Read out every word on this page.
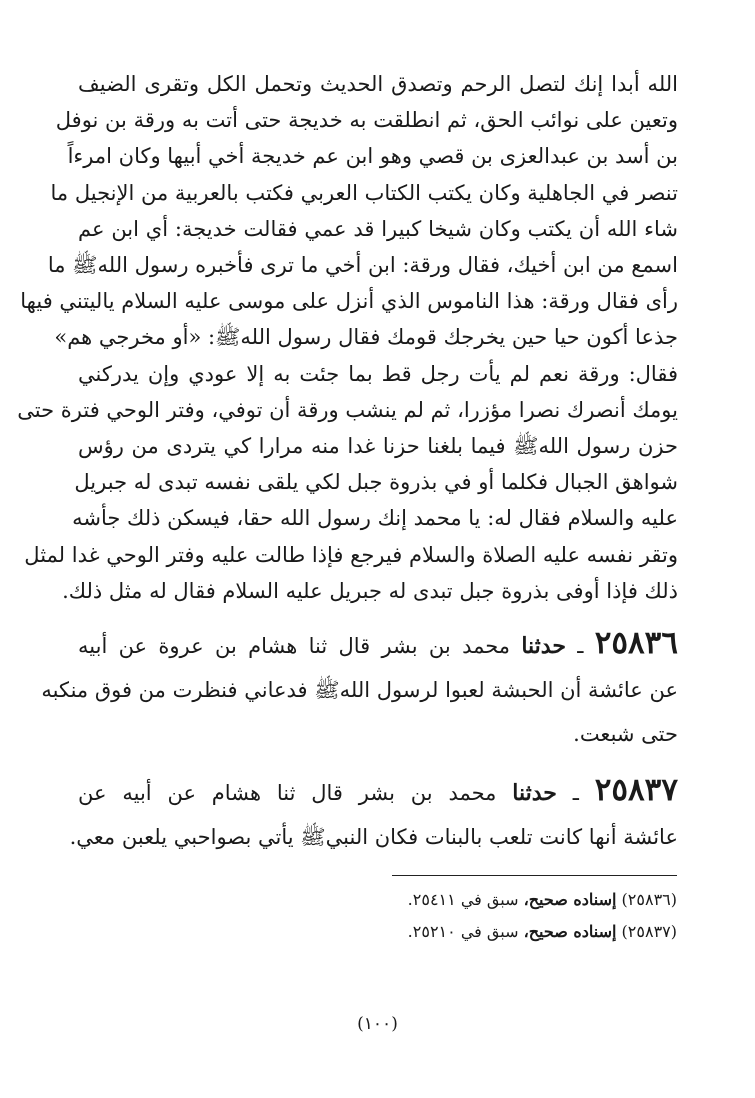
الله أبدا إنك لتصل الرحم وتصدق الحديث وتحمل الكل وتقرى الضيف
وتعين على نوائب الحق، ثم انطلقت به خديجة حتى أتت به ورقة بن نوفل
بن أسد بن عبدالعزى بن قصي وهو ابن عم خديجة أخي أبيها وكان امرءاً
تنصر في الجاهلية وكان يكتب الكتاب العربي فكتب بالعربية من الإنجيل ما
شاء الله أن يكتب وكان شيخا كبيرا قد عمي فقالت خديجة: أي ابن عم
اسمع من ابن أخيك، فقال ورقة: ابن أخي ما ترى فأخبره رسول اللهﷺ ما
رأى فقال ورقة: هذا الناموس الذي أنزل على موسى عليه السلام ياليتني فيها
جذعا أكون حيا حين يخرجك قومك فقال رسول اللهﷺ: «أو مخرجي هم»
فقال: ورقة نعم لم يأت رجل قط بما جئت به إلا عودي وإن يدركني
يومك أنصرك نصرا مؤزرا، ثم لم ينشب ورقة أن توفي، وفتر الوحي فترة حتى
حزن رسول اللهﷺ فيما بلغنا حزنا غدا منه مرارا كي يتردى من رؤس
شواهق الجبال فكلما أو في بذروة جبل لكي يلقى نفسه تبدى له جبريل
عليه والسلام فقال له: يا محمد إنك رسول الله حقا، فيسكن ذلك جأشه
وتقر نفسه عليه الصلاة والسلام فيرجع فإذا طالت عليه وفتر الوحي غدا لمثل
ذلك فإذا أوفى بذروة جبل تبدى له جبريل عليه السلام فقال له مثل ذلك.
٢٥٨٣٦ ـ حدثنا محمد بن بشر قال ثنا هشام بن عروة عن أبيه
عن عائشة أن الحبشة لعبوا لرسول اللهﷺ فدعاني فنظرت من فوق منكبه
حتى شبعت.
٢٥٨٣٧ ـ حدثنا محمد بن بشر قال ثنا هشام عن أبيه عن
عائشة أنها كانت تلعب بالبنات فكان النبيﷺ يأتي بصواحبي يلعبن معي.
(٢٥٨٣٦) إسناده صحيح، سبق في ٢٥٤١١.
(٢٥٨٣٧) إسناده صحيح، سبق في ٢٥٢١٠.
(١٠٠)
